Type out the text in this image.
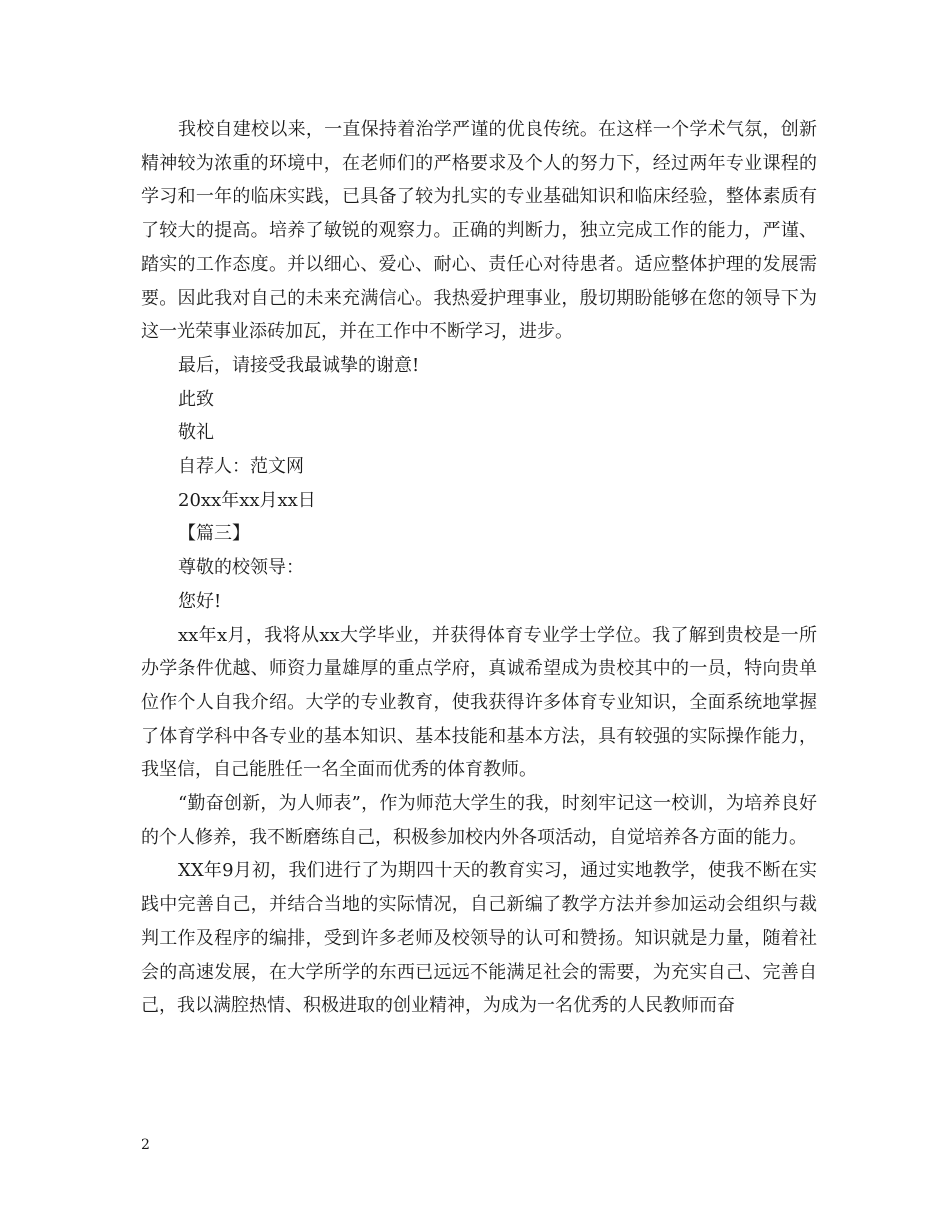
我校自建校以来，一直保持着治学严谨的优良传统。在这样一个学术气氛，创新精神较为浓重的环境中，在老师们的严格要求及个人的努力下，经过两年专业课程的学习和一年的临床实践，已具备了较为扎实的专业基础知识和临床经验，整体素质有了较大的提高。培养了敏锐的观察力。正确的判断力，独立完成工作的能力，严谨、踏实的工作态度。并以细心、爱心、耐心、责任心对待患者。适应整体护理的发展需要。因此我对自己的未来充满信心。我热爱护理事业，殷切期盼能够在您的领导下为这一光荣事业添砖加瓦，并在工作中不断学习，进步。

最后，请接受我最诚挚的谢意!

此致

敬礼

自荐人：范文网

20xx年xx月xx日

【篇三】

尊敬的校领导：

您好!

xx年x月，我将从xx大学毕业，并获得体育专业学士学位。我了解到贵校是一所办学条件优越、师资力量雄厚的重点学府，真诚希望成为贵校其中的一员，特向贵单位作个人自我介绍。大学的专业教育，使我获得许多体育专业知识，全面系统地掌握了体育学科中各专业的基本知识、基本技能和基本方法，具有较强的实际操作能力，我坚信，自己能胜任一名全面而优秀的体育教师。

“勤奋创新，为人师表”，作为师范大学生的我，时刻牢记这一校训，为培养良好的个人修养，我不断磨练自己，积极参加校内外各项活动，自觉培养各方面的能力。

XX年9月初，我们进行了为期四十天的教育实习，通过实地教学，使我不断在实践中完善自己，并结合当地的实际情况，自己新编了教学方法并参加运动会组织与裁判工作及程序的编排，受到许多老师及校领导的认可和赞扬。知识就是力量，随着社会的高速发展，在大学所学的东西已远远不能满足社会的需要，为充实自己、完善自己，我以满腔热情、积极进取的创业精神，为成为一名优秀的人民教师而奋

2
